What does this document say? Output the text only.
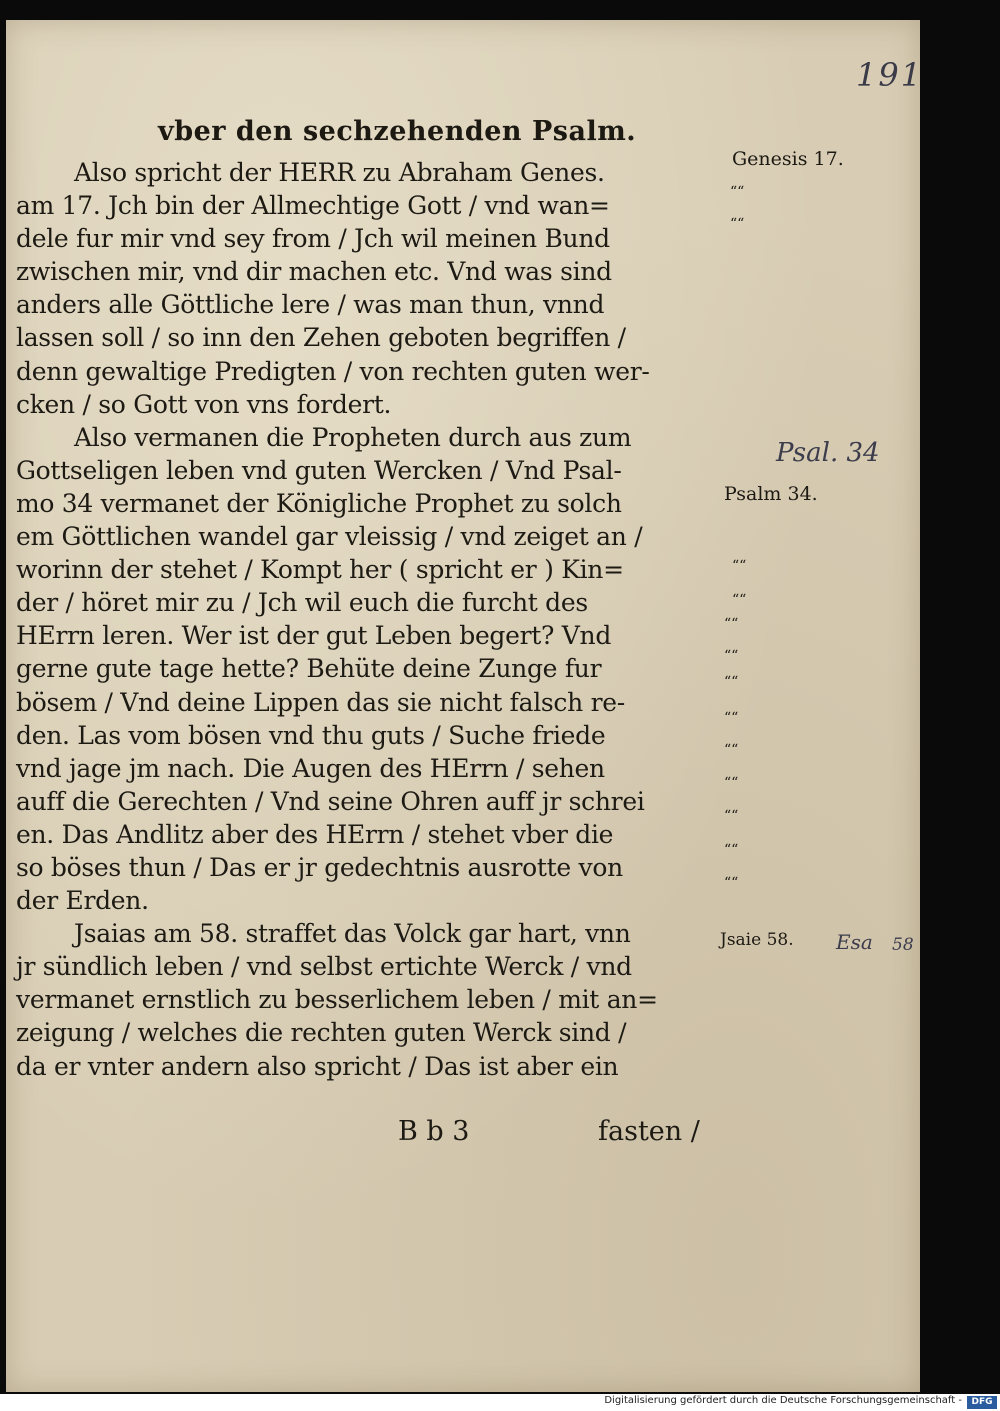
191
vber den sechzehenden Psalm.
Also spricht der HERR zu Abraham Genes.
am 17. Jch bin der Allmechtige Gott / vnd wan=
dele fur mir vnd sey from / Jch wil meinen Bund
zwischen mir, vnd dir machen etc. Vnd was sind
anders alle Göttliche lere / was man thun, vnnd
lassen soll / so inn den Zehen geboten begriffen /
denn gewaltige Predigten / von rechten guten wer-
cken / so Gott von vns fordert.
Also vermanen die Propheten durch aus zum
Gottseligen leben vnd guten Wercken / Vnd Psal-
mo 34 vermanet der Königliche Prophet zu solch
em Göttlichen wandel gar vleissig / vnd zeiget an /
worinn der stehet / Kompt her ( spricht er ) Kin=
der / höret mir zu / Jch wil euch die furcht des
HErrn leren. Wer ist der gut Leben begert? Vnd
gerne gute tage hette? Behüte deine Zunge fur
bösem / Vnd deine Lippen das sie nicht falsch re-
den. Las vom bösen vnd thu guts / Suche friede
vnd jage jm nach. Die Augen des HErrn / sehen
auff die Gerechten / Vnd seine Ohren auff jr schrei
en. Das Andlitz aber des HErrn / stehet vber die
so böses thun / Das er jr gedechtnis ausrotte von
der Erden.
Jsaias am 58. straffet das Volck gar hart, vnn
jr sündlich leben / vnd selbst ertichte Werck / vnd
vermanet ernstlich zu besserlichem leben / mit an=
zeigung / welches die rechten guten Werck sind /
da er vnter andern also spricht / Das ist aber ein
Genesis 17.
Psalm 34.
Jsaie 58.
Psal. 34
Esa 58
““
““
““
““
““
““
““
““
““
““
““
““
““
B b 3	fasten /
Digitalisierung gefördert durch die Deutsche Forschungsgemeinschaft -	DFG
